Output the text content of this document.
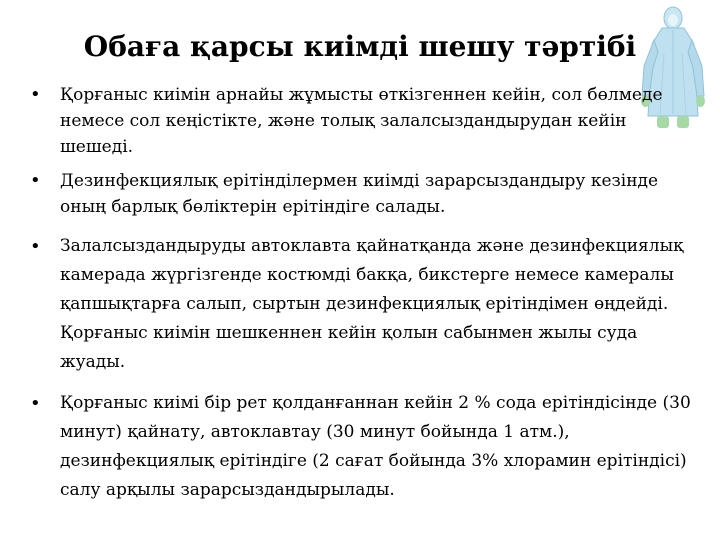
Обаға қарсы киімді шешу тәртібі
• Қорғаныс киімін арнайы жұмысты өткізгеннен кейін, сол бөлмеде немесе сол кеңістікте, және толық залалсыздандырудан кейін шешеді.
• Дезинфекциялық ерітінділермен киімді зарарсыздандыру кезінде оның барлық бөліктерін ерітіндіге салады.
• Залалсыздандыруды автоклавта қайнатқанда және дезинфекциялық камерада жүргізгенде костюмді бакқа, бикстерге немесе камералы қапшықтарға салып, сыртын дезинфекциялық ерітіндімен өңдейді. Қорғаныс киімін шешкеннен кейін қолын сабынмен жылы суда жуады.
• Қорғаныс киімі бір рет қолданғаннан кейін 2 % сода ерітіндісінде (30 минут) қайнату, автоклавтау (30 минут бойында 1 атм.), дезинфекциялық ерітіндіге (2 сағат бойында 3% хлорамин ерітіндісі) салу арқылы зарарсыздандырылады.
